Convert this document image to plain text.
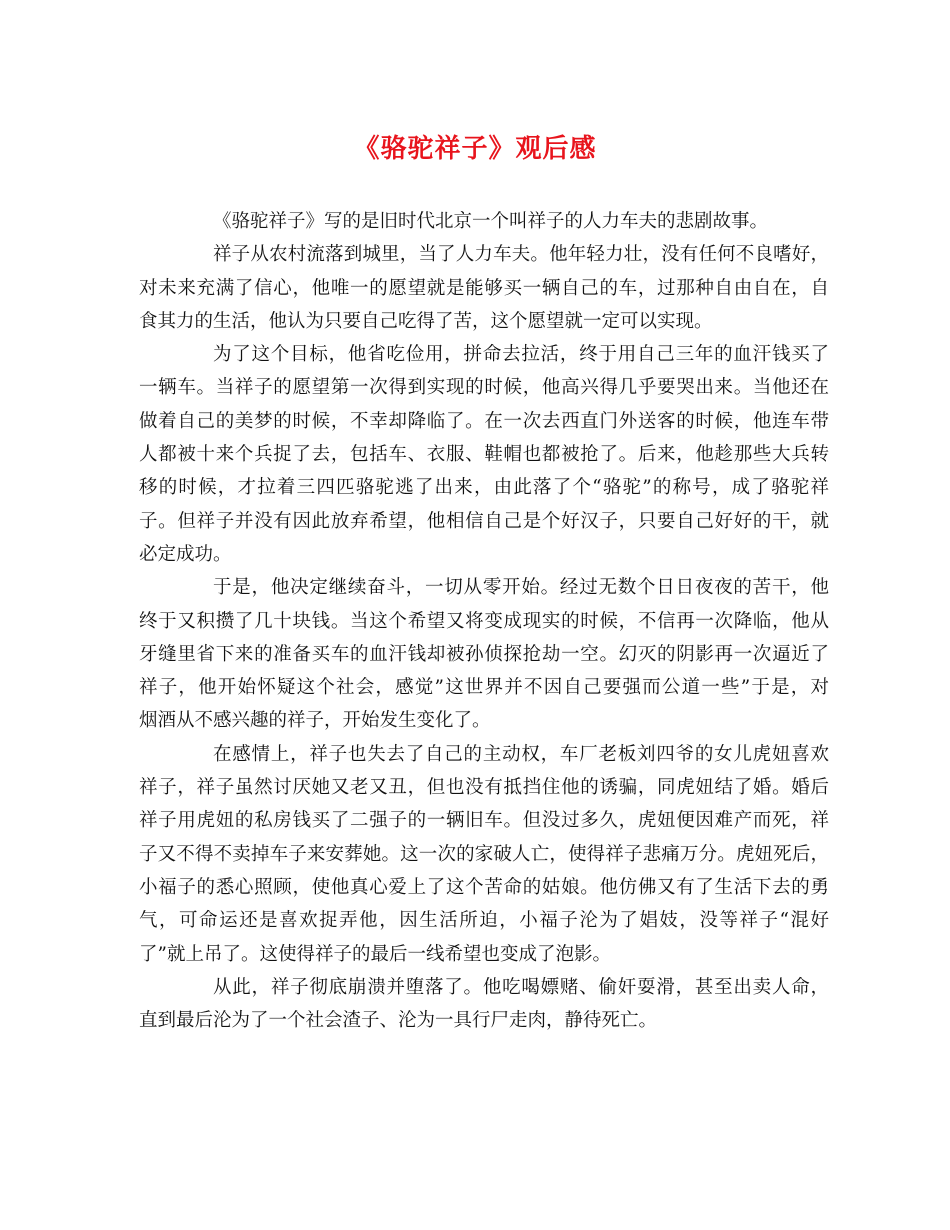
《骆驼祥子》观后感
《骆驼祥子》写的是旧时代北京一个叫祥子的人力车夫的悲剧故事。
祥子从农村流落到城里，当了人力车夫。他年轻力壮，没有任何不良嗜好，
对未来充满了信心，他唯一的愿望就是能够买一辆自己的车，过那种自由自在，自
食其力的生活，他认为只要自己吃得了苦，这个愿望就一定可以实现。
为了这个目标，他省吃俭用，拼命去拉活，终于用自己三年的血汗钱买了
一辆车。当祥子的愿望第一次得到实现的时候，他高兴得几乎要哭出来。当他还在
做着自己的美梦的时候，不幸却降临了。在一次去西直门外送客的时候，他连车带
人都被十来个兵捉了去，包括车、衣服、鞋帽也都被抢了。后来，他趁那些大兵转
移的时候，才拉着三四匹骆驼逃了出来，由此落了个“骆驼”的称号，成了骆驼祥
子。但祥子并没有因此放弃希望，他相信自己是个好汉子，只要自己好好的干，就
必定成功。
于是，他决定继续奋斗，一切从零开始。经过无数个日日夜夜的苦干，他
终于又积攒了几十块钱。当这个希望又将变成现实的时候，不信再一次降临，他从
牙缝里省下来的准备买车的血汗钱却被孙侦探抢劫一空。幻灭的阴影再一次逼近了
祥子，他开始怀疑这个社会，感觉”这世界并不因自己要强而公道一些”于是，对
烟酒从不感兴趣的祥子，开始发生变化了。
在感情上，祥子也失去了自己的主动权，车厂老板刘四爷的女儿虎妞喜欢
祥子，祥子虽然讨厌她又老又丑，但也没有抵挡住他的诱骗，同虎妞结了婚。婚后
祥子用虎妞的私房钱买了二强子的一辆旧车。但没过多久，虎妞便因难产而死，祥
子又不得不卖掉车子来安葬她。这一次的家破人亡，使得祥子悲痛万分。虎妞死后，
小福子的悉心照顾，使他真心爱上了这个苦命的姑娘。他仿佛又有了生活下去的勇
气，可命运还是喜欢捉弄他，因生活所迫，小福子沦为了娼妓，没等祥子“混好
了”就上吊了。这使得祥子的最后一线希望也变成了泡影。
从此，祥子彻底崩溃并堕落了。他吃喝嫖赌、偷奸耍滑，甚至出卖人命，
直到最后沦为了一个社会渣子、沦为一具行尸走肉，静待死亡。
